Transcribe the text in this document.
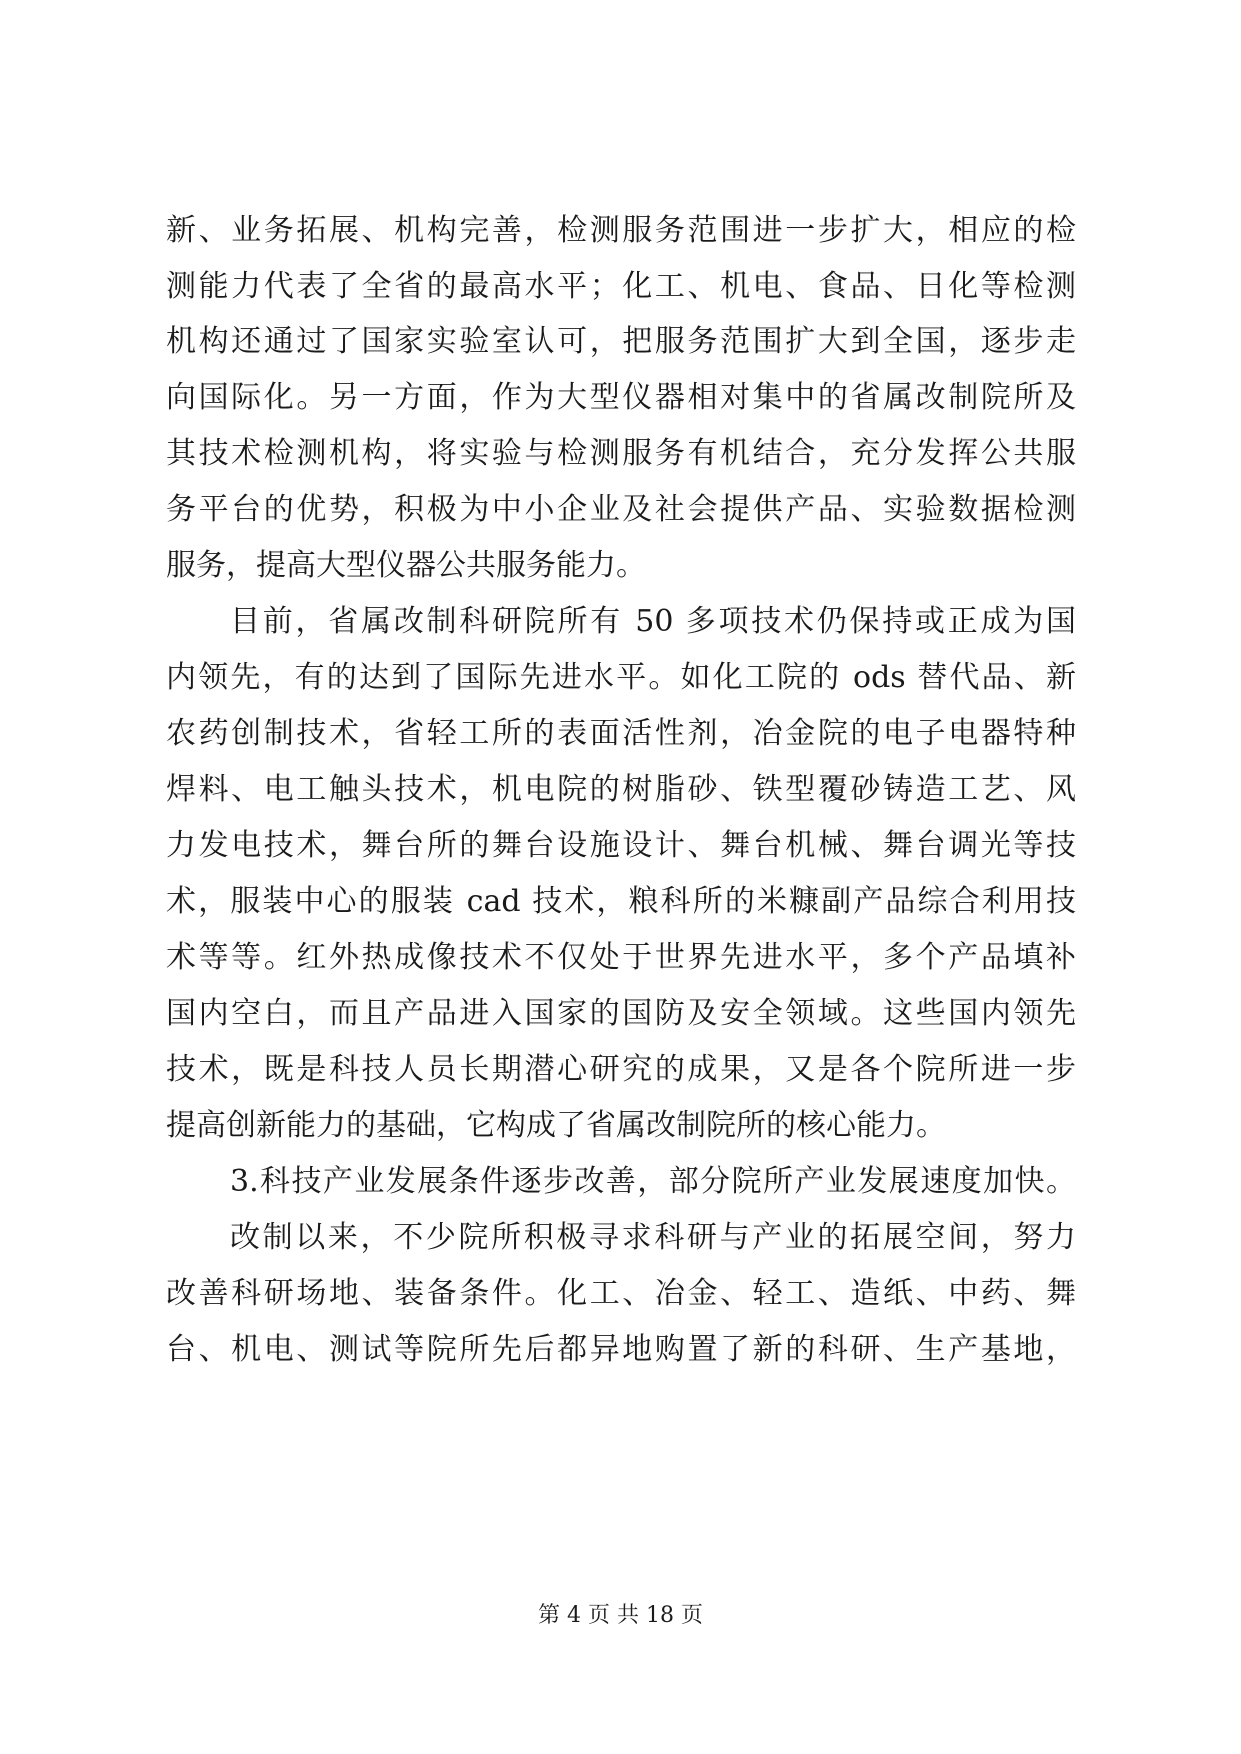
新、业务拓展、机构完善，检测服务范围进一步扩大，相应的检
测能力代表了全省的最高水平；化工、机电、食品、日化等检测
机构还通过了国家实验室认可，把服务范围扩大到全国，逐步走
向国际化。另一方面，作为大型仪器相对集中的省属改制院所及
其技术检测机构，将实验与检测服务有机结合，充分发挥公共服
务平台的优势，积极为中小企业及社会提供产品、实验数据检测
服务，提高大型仪器公共服务能力。
目前，省属改制科研院所有 50 多项技术仍保持或正成为国
内领先，有的达到了国际先进水平。如化工院的 ods 替代品、新
农药创制技术，省轻工所的表面活性剂，冶金院的电子电器特种
焊料、电工触头技术，机电院的树脂砂、铁型覆砂铸造工艺、风
力发电技术，舞台所的舞台设施设计、舞台机械、舞台调光等技
术，服装中心的服装 cad 技术，粮科所的米糠副产品综合利用技
术等等。红外热成像技术不仅处于世界先进水平，多个产品填补
国内空白，而且产品进入国家的国防及安全领域。这些国内领先
技术，既是科技人员长期潜心研究的成果，又是各个院所进一步
提高创新能力的基础，它构成了省属改制院所的核心能力。
3.科技产业发展条件逐步改善，部分院所产业发展速度加快。
改制以来，不少院所积极寻求科研与产业的拓展空间，努力
改善科研场地、装备条件。化工、冶金、轻工、造纸、中药、舞
台、机电、测试等院所先后都异地购置了新的科研、生产基地，
第 4 页 共 18 页
